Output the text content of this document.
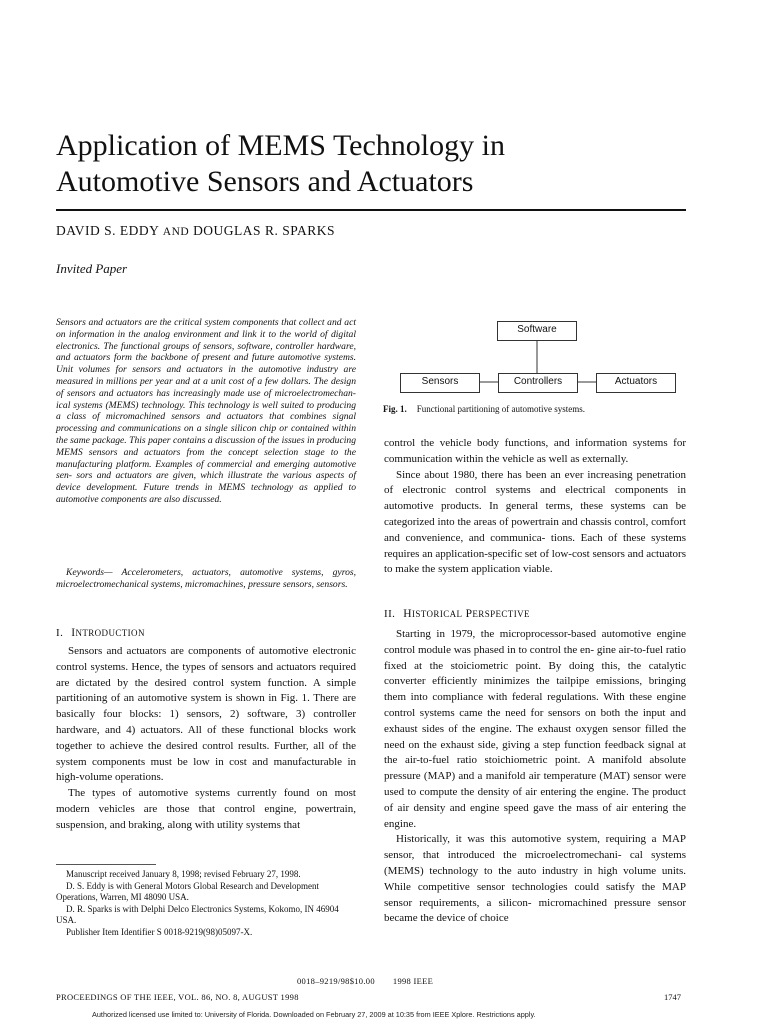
Application of MEMS Technology in
Automotive Sensors and Actuators
DAVID S. EDDY AND DOUGLAS R. SPARKS
Invited Paper

Sensors and actuators are the critical system components that collect and act on information in the analog environment and link it to the world of digital electronics. The functional groups of sensors, software, controller hardware, and actuators form the backbone of present and future automotive systems. Unit volumes for sensors and actuators in the automotive industry are measured in millions per year and at a unit cost of a few dollars. The design of sensors and actuators has increasingly made use of microelectromechan- ical systems (MEMS) technology. This technology is well suited to producing a class of micromachined sensors and actuators that combines signal processing and communications on a single silicon chip or contained within the same package. This paper contains a discussion of the issues in producing MEMS sensors and actuators from the concept selection stage to the manufacturing platform. Examples of commercial and emerging automotive sen- sors and actuators are given, which illustrate the various aspects of device development. Future trends in MEMS technology as applied to automotive components are also discussed.

Keywords— Accelerometers, actuators, automotive systems, gyros, microelectromechanical systems, micromachines, pressure sensors, sensors.

I. INTRODUCTION

Sensors and actuators are components of automotive electronic control systems. Hence, the types of sensors and actuators required are dictated by the desired control system function. A simple partitioning of an automotive system is shown in Fig. 1. There are basically four blocks: 1) sensors, 2) software, 3) controller hardware, and 4) actuators. All of these functional blocks work together to achieve the desired control results. Further, all of the system components must be low in cost and manufacturable in high-volume operations.

The types of automotive systems currently found on most modern vehicles are those that control engine, powertrain, suspension, and braking, along with utility systems that

Manuscript received January 8, 1998; revised February 27, 1998.
D. S. Eddy is with General Motors Global Research and Development Operations, Warren, MI 48090 USA.
D. R. Sparks is with Delphi Delco Electronics Systems, Kokomo, IN 46904 USA.
Publisher Item Identifier S 0018-9219(98)05097-X.
Software
Sensors	Controllers	Actuators
Fig. 1. Functional partitioning of automotive systems.

control the vehicle body functions, and information systems for communication within the vehicle as well as externally.

Since about 1980, there has been an ever increasing penetration of electronic control systems and electrical components in automotive products. In general terms, these systems can be categorized into the areas of powertrain and chassis control, comfort and convenience, and communica- tions. Each of these systems requires an application-specific set of low-cost sensors and actuators to make the system application viable.

II. HISTORICAL PERSPECTIVE

Starting in 1979, the microprocessor-based automotive engine control module was phased in to control the en- gine air-to-fuel ratio fixed at the stoiciometric point. By doing this, the catalytic converter efficiently minimizes the tailpipe emissions, bringing them into compliance with federal regulations. With these engine control systems came the need for sensors on both the input and exhaust sides of the engine. The exhaust oxygen sensor filled the need on the exhaust side, giving a step function feedback signal at the air-to-fuel ratio stoichiometric point. A manifold absolute pressure (MAP) and a manifold air temperature (MAT) sensor were used to compute the density of air entering the engine. The product of air density and engine speed gave the mass of air entering the engine.

Historically, it was this automotive system, requiring a MAP sensor, that introduced the microelectromechani- cal systems (MEMS) technology to the auto industry in high volume units. While competitive sensor technologies could satisfy the MAP sensor requirements, a silicon- micromachined pressure sensor became the device of choice

0018–9219/98$10.00 1998 IEEE
PROCEEDINGS OF THE IEEE, VOL. 86, NO. 8, AUGUST 1998	1747
Authorized licensed use limited to: University of Florida. Downloaded on February 27, 2009 at 10:35 from IEEE Xplore. Restrictions apply.
